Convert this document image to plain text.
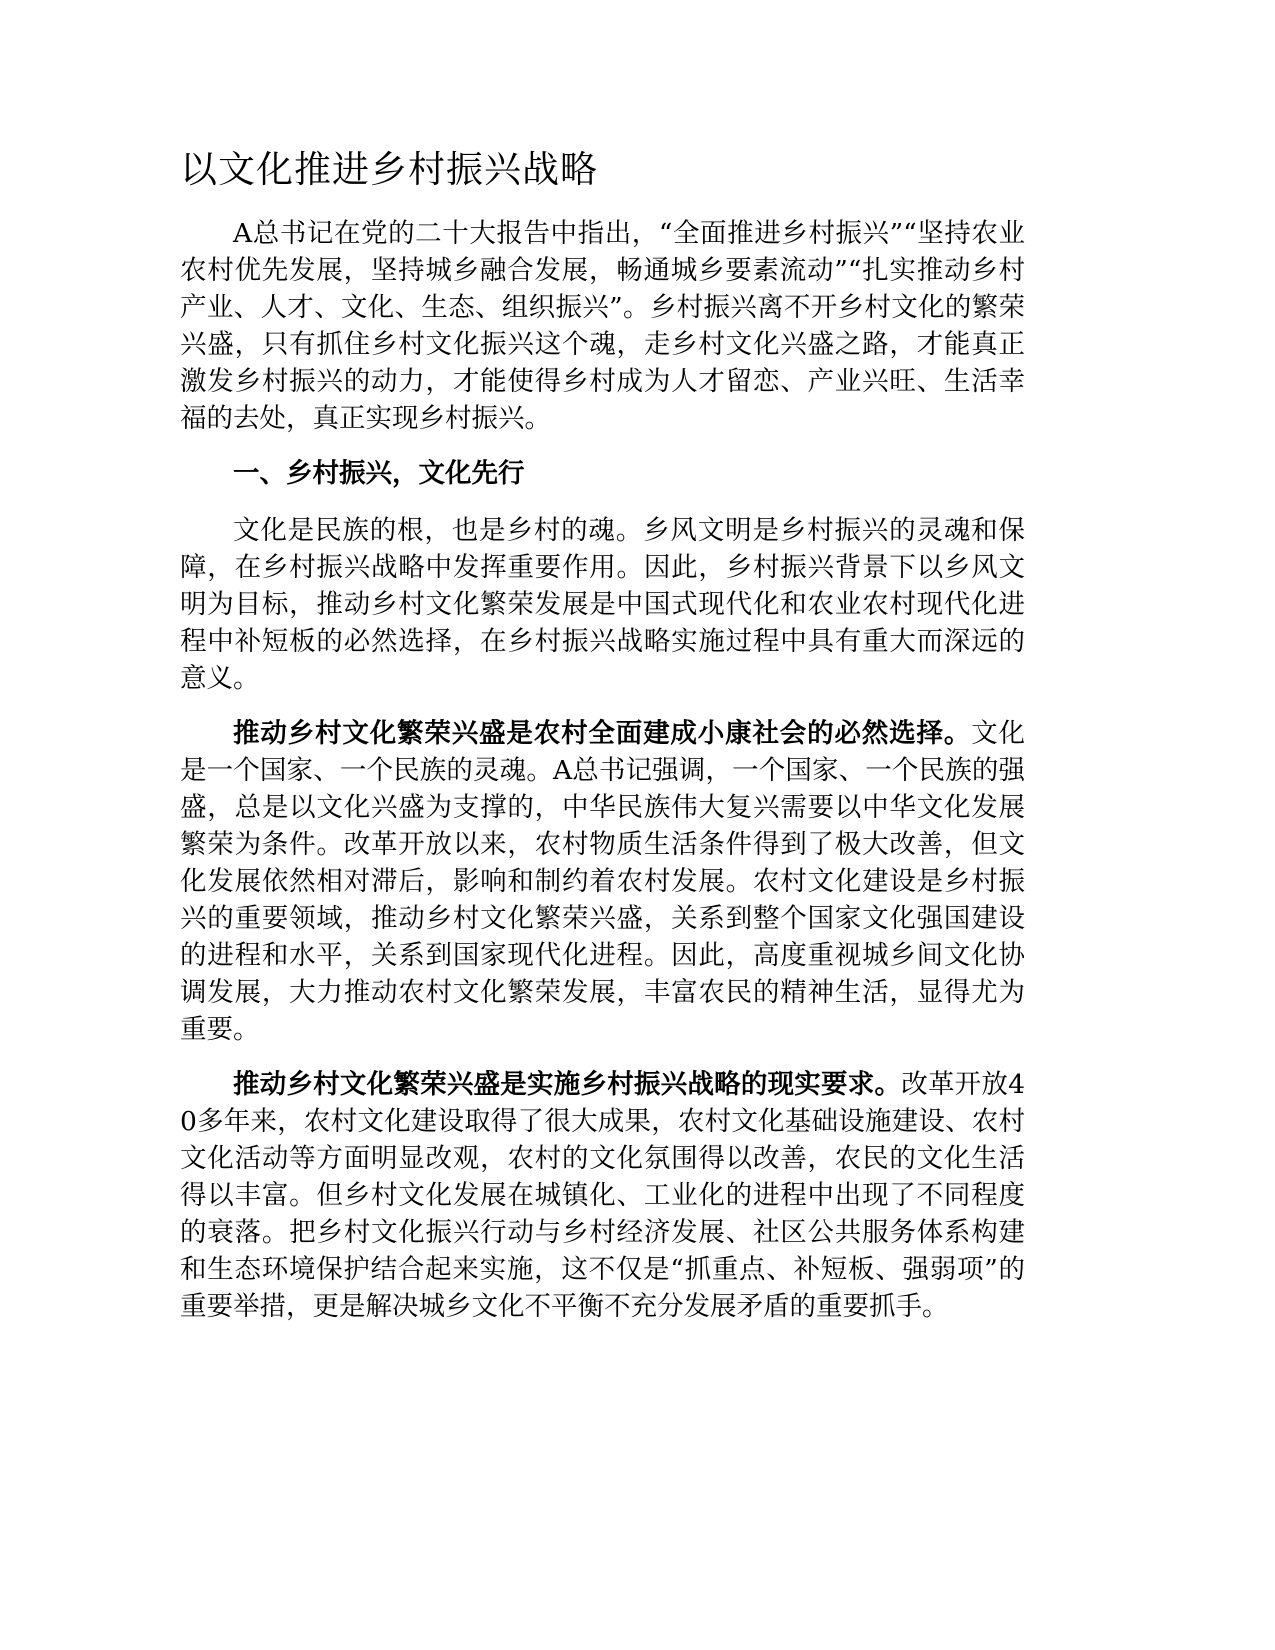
以文化推进乡村振兴战略

A总书记在党的二十大报告中指出，“全面推进乡村振兴”“坚持农业农村优先发展，坚持城乡融合发展，畅通城乡要素流动”“扎实推动乡村产业、人才、文化、生态、组织振兴”。乡村振兴离不开乡村文化的繁荣兴盛，只有抓住乡村文化振兴这个魂，走乡村文化兴盛之路，才能真正激发乡村振兴的动力，才能使得乡村成为人才留恋、产业兴旺、生活幸福的去处，真正实现乡村振兴。

一、乡村振兴，文化先行

文化是民族的根，也是乡村的魂。乡风文明是乡村振兴的灵魂和保障，在乡村振兴战略中发挥重要作用。因此，乡村振兴背景下以乡风文明为目标，推动乡村文化繁荣发展是中国式现代化和农业农村现代化进程中补短板的必然选择，在乡村振兴战略实施过程中具有重大而深远的意义。

推动乡村文化繁荣兴盛是农村全面建成小康社会的必然选择。文化是一个国家、一个民族的灵魂。A总书记强调，一个国家、一个民族的强盛，总是以文化兴盛为支撑的，中华民族伟大复兴需要以中华文化发展繁荣为条件。改革开放以来，农村物质生活条件得到了极大改善，但文化发展依然相对滞后，影响和制约着农村发展。农村文化建设是乡村振兴的重要领域，推动乡村文化繁荣兴盛，关系到整个国家文化强国建设的进程和水平，关系到国家现代化进程。因此，高度重视城乡间文化协调发展，大力推动农村文化繁荣发展，丰富农民的精神生活，显得尤为重要。

推动乡村文化繁荣兴盛是实施乡村振兴战略的现实要求。改革开放40多年来，农村文化建设取得了很大成果，农村文化基础设施建设、农村文化活动等方面明显改观，农村的文化氛围得以改善，农民的文化生活得以丰富。但乡村文化发展在城镇化、工业化的进程中出现了不同程度的衰落。把乡村文化振兴行动与乡村经济发展、社区公共服务体系构建和生态环境保护结合起来实施，这不仅是“抓重点、补短板、强弱项”的重要举措，更是解决城乡文化不平衡不充分发展矛盾的重要抓手。
